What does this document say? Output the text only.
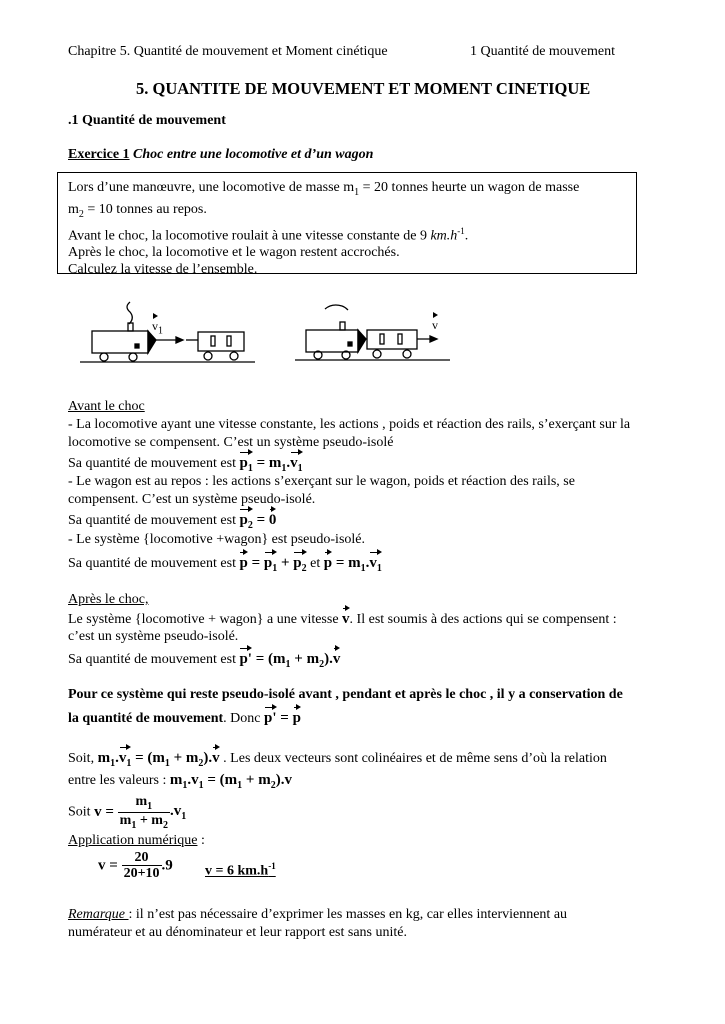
Chapitre 5. Quantité de mouvement et Moment cinétique	1 Quantité de mouvement
5. QUANTITE DE MOUVEMENT ET MOMENT CINETIQUE
.1 Quantité de mouvement
Exercice 1 Choc entre une locomotive et d’un wagon
Lors d’une manœuvre, une locomotive de masse $m_1 = 20$ tonnes heurte un wagon de masse
$m_2 = 10$ tonnes au repos.
Avant le choc, la locomotive roulait à une vitesse constante de 9 $km.h^{-1}$.
Après le choc, la locomotive et le wagon restent accrochés.
Calculez la vitesse de l’ensemble.
$v_1$	v
Avant le choc
- La locomotive ayant une vitesse constante, les actions , poids et réaction des rails, s’exerçant sur la
locomotive se compensent. C’est un système pseudo-isolé
Sa quantité de mouvement est $p_1 = m_1.v_1$
- Le wagon est au repos : les actions s’exerçant sur le wagon, poids et réaction des rails, se
compensent. C’est un système pseudo-isolé.
Sa quantité de mouvement est $p_2 = 0$
- Le système {locomotive +wagon} est pseudo-isolé.
Sa quantité de mouvement est $p = p_1 + p_2$ et $p = m_1.v_1$
Après le choc,
Le système {locomotive + wagon} a une vitesse v. Il est soumis à des actions qui se compensent :
c’est un système pseudo-isolé.
Sa quantité de mouvement est $p' = (m_1 + m_2).v$
Pour ce système qui reste pseudo-isolé avant , pendant et après le choc , il y a conservation de
la quantité de mouvement. Donc p' = p
Soit, $m_1.v_1 = (m_1 + m_2).v$ . Les deux vecteurs sont colinéaires et de même sens d’où la relation
entre les valeurs : $m_1.v_1 = (m_1 + m_2).v$
Soit $v = \frac{m_1}{m_1 + m_2} .v_1$
Application numérique :
$v = \frac{20}{20+10} .9$ v = 6 $km.h^{-1}$
Remarque : il n’est pas nécessaire d’exprimer les masses en kg, car elles interviennent au
numérateur et au dénominateur et leur rapport est sans unité.
